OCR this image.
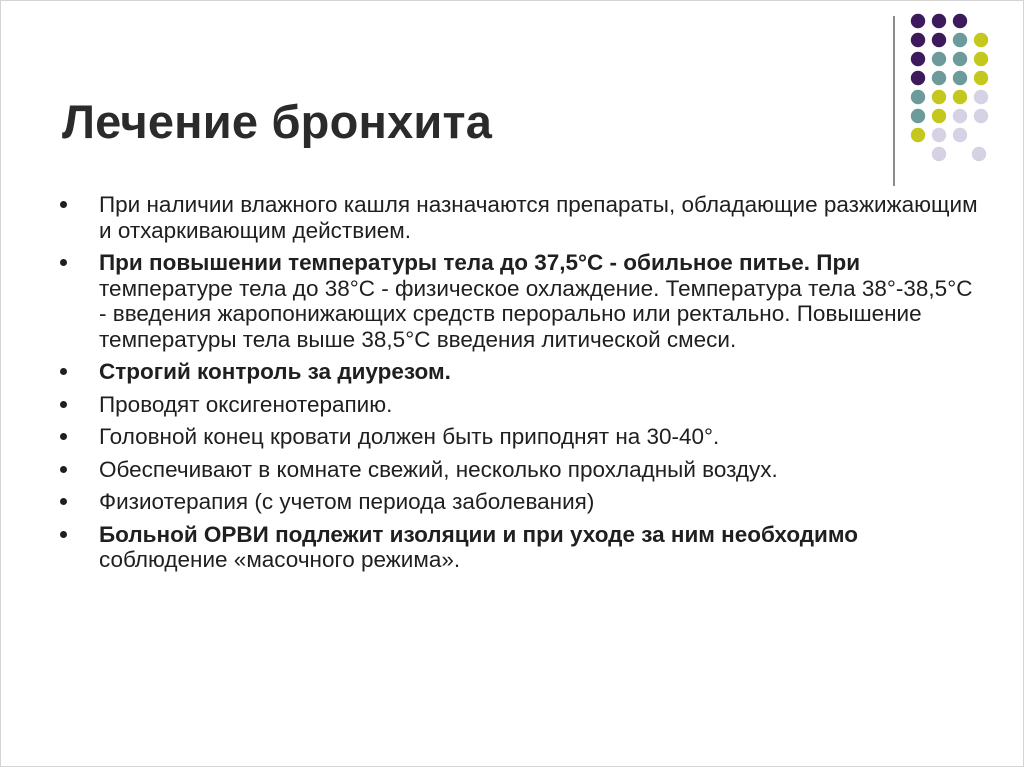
Лечение бронхита
При наличии влажного кашля назначаются препараты, обладающие разжижающим и отхаркивающим действием.
При повышении температуры тела до 37,5°С - обильное питье. При температуре тела до 38°С - физическое охлаждение. Температура тела 38°-38,5°С - введения жаропонижающих средств перорально или ректально. Повышение температуры тела выше 38,5°С введения литической смеси.
Строгий контроль за диурезом.
Проводят оксигенотерапию.
Головной конец кровати должен быть приподнят на 30-40°.
Обеспечивают в комнате свежий, несколько прохладный воздух.
Физиотерапия (с учетом периода заболевания)
Больной ОРВИ подлежит изоляции и при уходе за ним необходимо соблюдение «масочного режима».
